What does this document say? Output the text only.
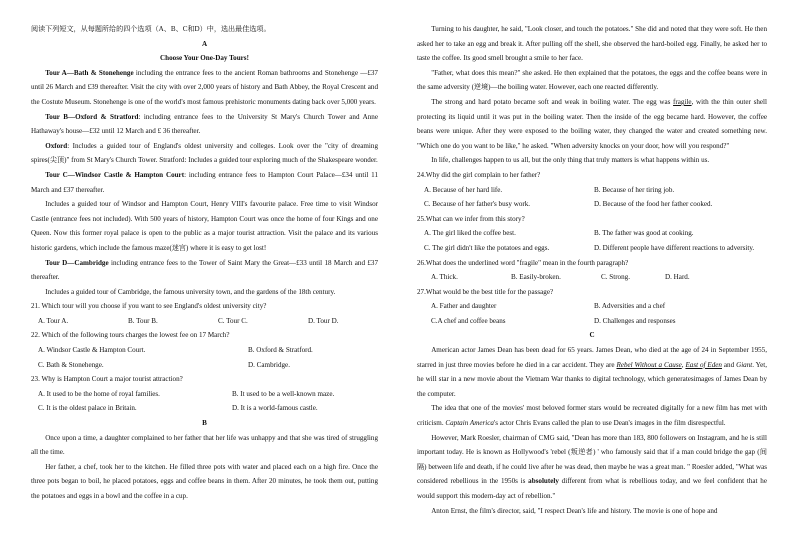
阅读下列短文，从每题所给的四个选项（A、B、C和D）中，选出最佳选项。

A

Choose Your One-Day Tours!

Tour A—Bath & Stonehenge including the entrance fees to the ancient Roman bathrooms and Stonehenge —£37 until 26 March and £39 thereafter. Visit the city with over 2,000 years of history and Bath Abbey, the Royal Crescent and the Costute Museum. Stonehenge is one of the world's most famous prehistoric monuments dating back over 5,000 years.

Tour B—Oxford & Stratford: including entrance fees to the University St Mary's Church Tower and Anne Hathaway's house—£32 until 12 March and £ 36 thereafter.

Oxford: Includes a guided tour of England's oldest university and colleges. Look over the "city of dreaming spires(尖顶)" from St Mary's Church Tower. Stratford: Includes a guided tour exploring much of the Shakespeare wonder.

Tour C—Windsor Castle & Hampton Court: including entrance fees to Hampton Court Palace—£34 until 11 March and £37 thereafter.

Includes a guided tour of Windsor and Hampton Court, Henry VIII's favourite palace. Free time to visit Windsor Castle (entrance fees not included). With 500 years of history, Hampton Court was once the home of four Kings and one Queen. Now this former royal palace is open to the public as a major tourist attraction. Visit the palace and its various historic gardens, which include the famous maze(迷宫) where it is easy to get lost!

Tour D—Cambridge including entrance fees to the Tower of Saint Mary the Great—£33 until 18 March and £37 thereafter.

Includes a guided tour of Cambridge, the famous university town, and the gardens of the 18th century.

21. Which tour will you choose if you want to see England's oldest university city?

A. Tour A.	B. Tour B.	C. Tour C.	D. Tour D.

22. Which of the following tours charges the lowest fee on 17 March?

A. Windsor Castle & Hampton Court.	B. Oxford & Stratford.
C. Bath & Stonehenge.	D. Cambridge.

23. Why is Hampton Court a major tourist attraction?

A. It used to be the home of royal families.	B. It used to be a well-known maze.
C. It is the oldest palace in Britain.	D. It is a world-famous castle.

B

Once upon a time, a daughter complained to her father that her life was unhappy and that she was tired of struggling all the time.

Her father, a chef, took her to the kitchen. He filled three pots with water and placed each on a high fire. Once the three pots began to boil, he placed potatoes, eggs and coffee beans in them. After 20 minutes, he took them out, putting the potatoes and eggs in a bowl and the coffee in a cup.

Turning to his daughter, he said, "Look closer, and touch the potatoes." She did and noted that they were soft. He then asked her to take an egg and break it. After pulling off the shell, she observed the hard-boiled egg. Finally, he asked her to taste the coffee. Its good smell brought a smile to her face.

"Father, what does this mean?" she asked. He then explained that the potatoes, the eggs and the coffee beans were in the same adversity (逆境)—the boiling water. However, each one reacted differently.

The strong and hard potato became soft and weak in boiling water. The egg was fragile, with the thin outer shell protecting its liquid until it was put in the boiling water. Then the inside of the egg became hard. However, the coffee beans were unique. After they were exposed to the boiling water, they changed the water and created something new. "Which one do you want to be like," he asked. "When adversity knocks on your door, how will you respond?"

In life, challenges happen to us all, but the only thing that truly matters is what happens within us.

24.Why did the girl complain to her father?

A. Because of her hard life.	B. Because of her tiring job.
C. Because of her father's busy work.	D. Because of the food her father cooked.

25.What can we infer from this story?

A. The girl liked the coffee best.	B. The father was good at cooking.
C. The girl didn't like the potatoes and eggs.	D. Different people have different reactions to adversity.

26.What does the underlined word "fragile" mean in the fourth paragraph?

A. Thick.	B. Easily-broken.	C. Strong.	D. Hard.

27.What would be the best title for the passage?

A. Father and daughter	B. Adversities and a chef
C.A chef and coffee beans	D. Challenges and responses

C

American actor James Dean has been dead for 65 years. James Dean, who died at the age of 24 in September 1955, starred in just three movies before he died in a car accident. They are Rebel Without a Cause, East of Eden and Giant. Yet, he will star in a new movie about the Vietnam War thanks to digital technology, which generatesimages of James Dean by the computer.

The idea that one of the movies' most beloved former stars would be recreated digitally for a new film has met with criticism. Captain America's actor Chris Evans called the plan to use Dean's images in the film disrespectful.

However, Mark Roesler, chairman of CMG said, "Dean has more than 183, 800 followers on Instagram, and he is still important today. He is known as Hollywood's 'rebel (叛逆者) ' who famously said that if a man could bridge the gap (间隔) between life and death, if he could live after he was dead, then maybe he was a great man. " Roesler added, "What was considered rebellious in the 1950s is absolutely different from what is rebellious today, and we feel confident that he would support this modern-day act of rebellion."

Anton Ernst, the film's director, said, "I respect Dean's life and history. The movie is one of hope and
